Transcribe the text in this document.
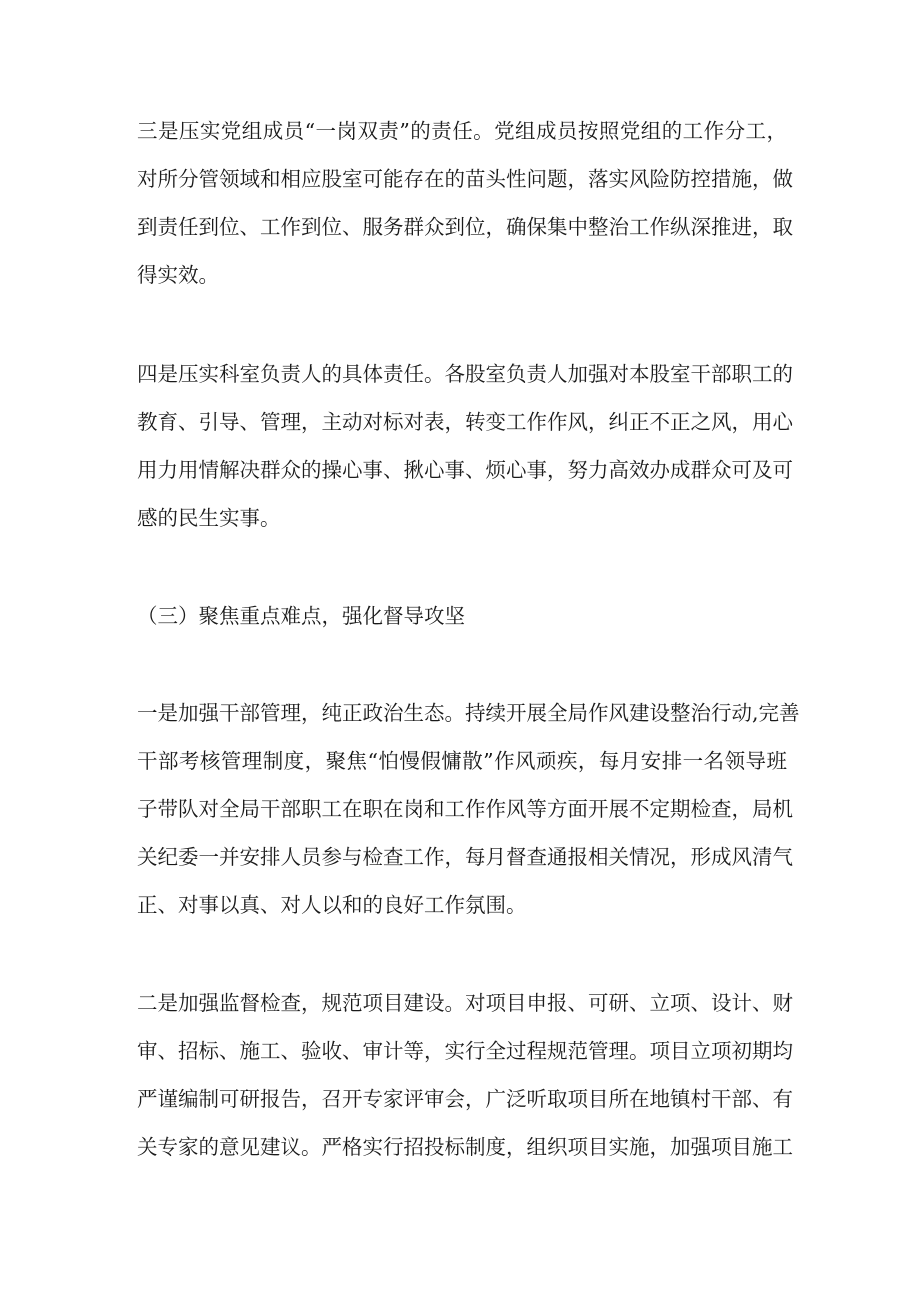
三是压实党组成员“一岗双责”的责任。党组成员按照党组的工作分工，
对所分管领域和相应股室可能存在的苗头性问题，落实风险防控措施，做
到责任到位、工作到位、服务群众到位，确保集中整治工作纵深推进，取
得实效。
四是压实科室负责人的具体责任。各股室负责人加强对本股室干部职工的
教育、引导、管理，主动对标对表，转变工作作风，纠正不正之风，用心
用力用情解决群众的操心事、揪心事、烦心事，努力高效办成群众可及可
感的民生实事。
（三）聚焦重点难点，强化督导攻坚
一是加强干部管理，纯正政治生态。持续开展全局作风建设整治行动,完善
干部考核管理制度，聚焦“怕慢假慵散”作风顽疾，每月安排一名领导班
子带队对全局干部职工在职在岗和工作作风等方面开展不定期检查，局机
关纪委一并安排人员参与检查工作，每月督查通报相关情况，形成风清气
正、对事以真、对人以和的良好工作氛围。
二是加强监督检查，规范项目建设。对项目申报、可研、立项、设计、财
审、招标、施工、验收、审计等，实行全过程规范管理。项目立项初期均
严谨编制可研报告，召开专家评审会，广泛听取项目所在地镇村干部、有
关专家的意见建议。严格实行招投标制度，组织项目实施，加强项目施工
